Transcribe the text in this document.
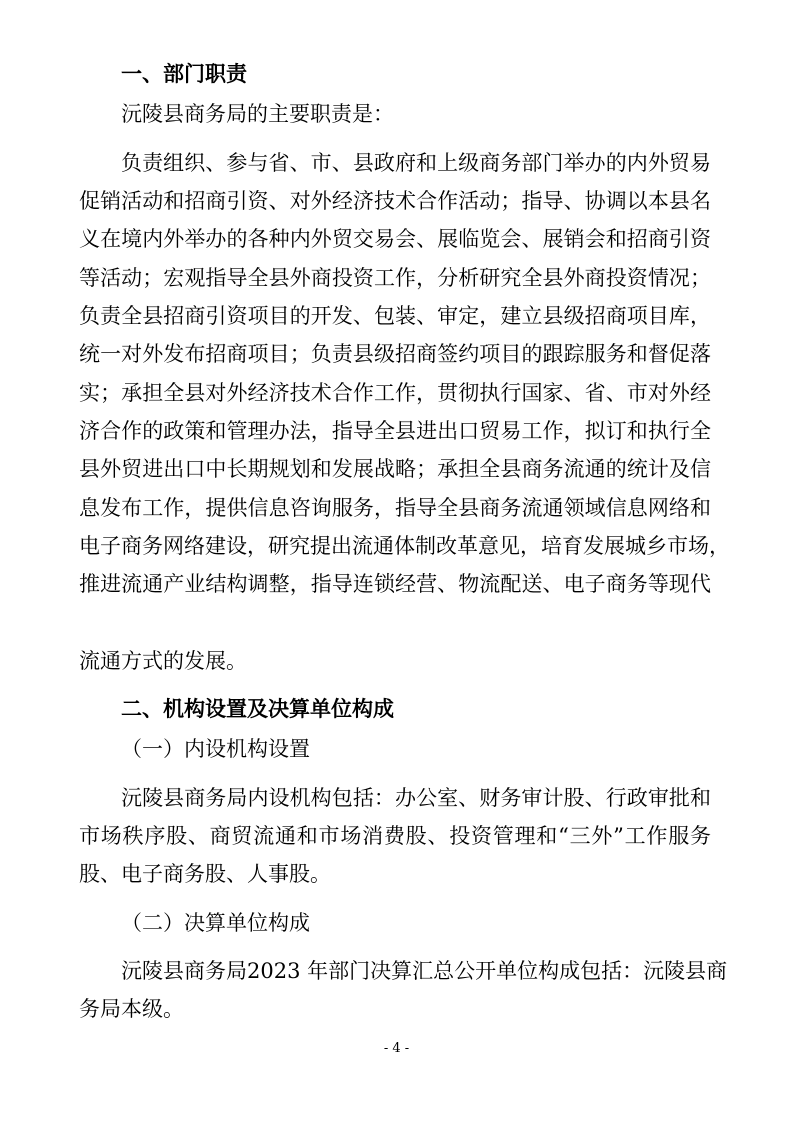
一、部门职责
沅陵县商务局的主要职责是：
负责组织、参与省、市、县政府和上级商务部门举办的内外贸易
促销活动和招商引资、对外经济技术合作活动；指导、协调以本县名
义在境内外举办的各种内外贸交易会、展临览会、展销会和招商引资
等活动；宏观指导全县外商投资工作，分析研究全县外商投资情况；
负责全县招商引资项目的开发、包装、审定，建立县级招商项目库，
统一对外发布招商项目；负责县级招商签约项目的跟踪服务和督促落
实；承担全县对外经济技术合作工作，贯彻执行国家、省、市对外经
济合作的政策和管理办法，指导全县进出口贸易工作，拟订和执行全
县外贸进出口中长期规划和发展战略；承担全县商务流通的统计及信
息发布工作，提供信息咨询服务，指导全县商务流通领域信息网络和
电子商务网络建设，研究提出流通体制改革意见，培育发展城乡市场，
推进流通产业结构调整，指导连锁经营、物流配送、电子商务等现代
流通方式的发展。
二、机构设置及决算单位构成
（一）内设机构设置
沅陵县商务局内设机构包括：办公室、财务审计股、行政审批和
市场秩序股、商贸流通和市场消费股、投资管理和“三外”工作服务
股、电子商务股、人事股。
（二）决算单位构成
沅陵县商务局2023 年部门决算汇总公开单位构成包括：沅陵县商
务局本级。
- 4 -
